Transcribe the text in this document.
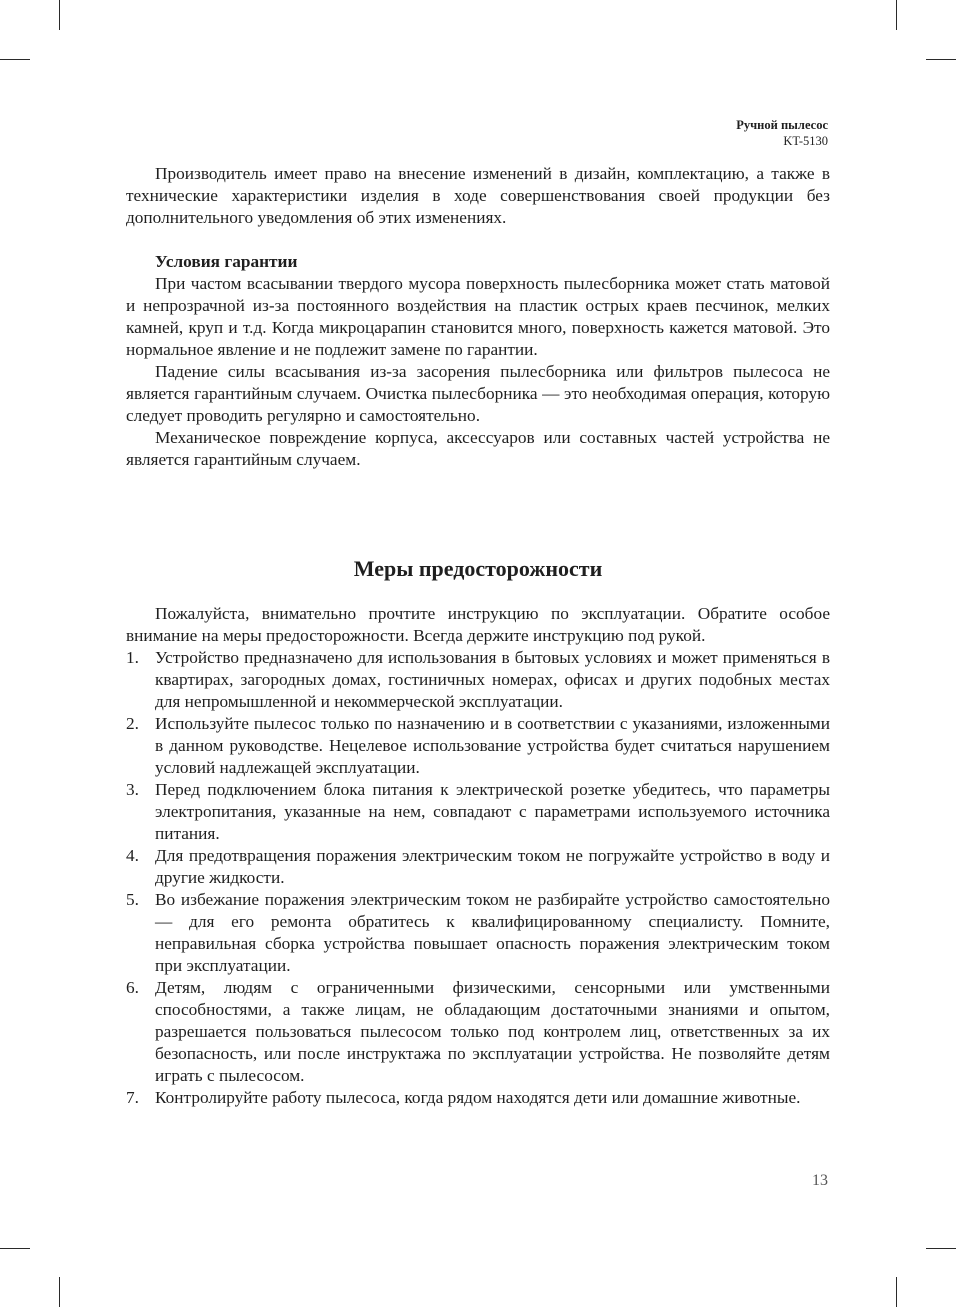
Ручной пылесос
KT-5130

Производитель имеет право на внесение изменений в дизайн, комплектацию, а также в технические характеристики изделия в ходе совершенствования своей продукции без дополнительного уведомления об этих изменениях.

Условия гарантии

При частом всасывании твердого мусора поверхность пылесборника может стать матовой и непрозрачной из-за постоянного воздействия на пластик острых краев песчинок, мелких камней, круп и т.д. Когда микроцарапин становится много, поверхность кажется матовой. Это нормальное явление и не подлежит замене по гарантии.

Падение силы всасывания из-за засорения пылесборника или фильтров пылесоса не является гарантийным случаем. Очистка пылесборника — это необходимая операция, которую следует проводить регулярно и самостоятельно.

Механическое повреждение корпуса, аксессуаров или составных частей устройства не является гарантийным случаем.

Меры предосторожности

Пожалуйста, внимательно прочтите инструкцию по эксплуатации. Обратите особое внимание на меры предосторожности. Всегда держите инструкцию под рукой.

1. Устройство предназначено для использования в бытовых условиях и может применяться в квартирах, загородных домах, гостиничных номерах, офисах и других подобных местах для непромышленной и некоммерческой эксплуатации.
2. Используйте пылесос только по назначению и в соответствии с указаниями, изложенными в данном руководстве. Нецелевое использование устройства будет считаться нарушением условий надлежащей эксплуатации.
3. Перед подключением блока питания к электрической розетке убедитесь, что параметры электропитания, указанные на нем, совпадают с параметрами используемого источника питания.
4. Для предотвращения поражения электрическим током не погружайте устройство в воду и другие жидкости.
5. Во избежание поражения электрическим током не разбирайте устройство самостоятельно — для его ремонта обратитесь к квалифицированному специалисту. Помните, неправильная сборка устройства повышает опасность поражения электрическим током при эксплуатации.
6. Детям, людям с ограниченными физическими, сенсорными или умственными способностями, а также лицам, не обладающим достаточными знаниями и опытом, разрешается пользоваться пылесосом только под контролем лиц, ответственных за их безопасность, или после инструктажа по эксплуатации устройства. Не позволяйте детям играть с пылесосом.
7. Контролируйте работу пылесоса, когда рядом находятся дети или домашние животные.
13
